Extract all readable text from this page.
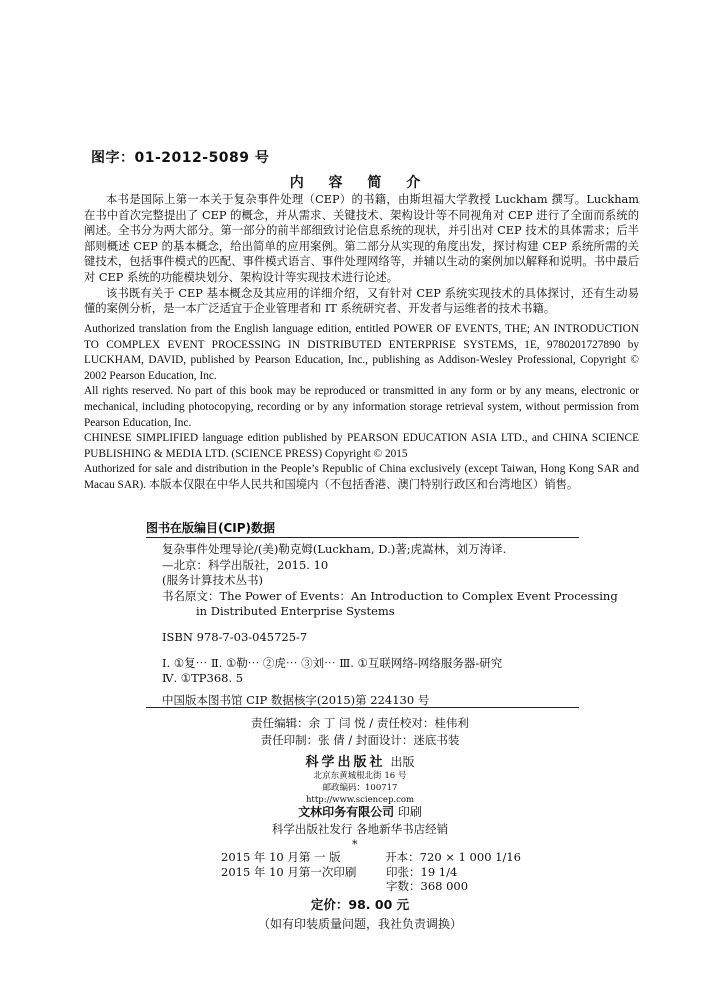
图字：01-2012-5089 号
内 容 简 介

本书是国际上第一本关于复杂事件处理（CEP）的书籍，由斯坦福大学教授 Luckham 撰写。Luckham 在书中首次完整提出了 CEP 的概念，并从需求、关键技术、架构设计等不同视角对 CEP 进行了全面而系统的阐述。全书分为两大部分。第一部分的前半部细致讨论信息系统的现状，并引出对 CEP 技术的具体需求；后半部则概述 CEP 的基本概念，给出简单的应用案例。第二部分从实现的角度出发，探讨构建 CEP 系统所需的关键技术，包括事件模式的匹配、事件模式语言、事件处理网络等，并辅以生动的案例加以解释和说明。书中最后对 CEP 系统的功能模块划分、架构设计等实现技术进行论述。

该书既有关于 CEP 基本概念及其应用的详细介绍，又有针对 CEP 系统实现技术的具体探讨，还有生动易懂的案例分析，是一本广泛适宜于企业管理者和 IT 系统研究者、开发者与运维者的技术书籍。

Authorized translation from the English language edition, entitled POWER OF EVENTS, THE; AN INTRODUCTION TO COMPLEX EVENT PROCESSING IN DISTRIBUTED ENTERPRISE SYSTEMS, 1E, 9780201727890 by LUCKHAM, DAVID, published by Pearson Education, Inc., publishing as Addison-Wesley Professional, Copyright © 2002 Pearson Education, Inc.

All rights reserved. No part of this book may be reproduced or transmitted in any form or by any means, electronic or mechanical, including photocopying, recording or by any information storage retrieval system, without permission from Pearson Education, Inc.

CHINESE SIMPLIFIED language edition published by PEARSON EDUCATION ASIA LTD., and CHINA SCIENCE PUBLISHING & MEDIA LTD. (SCIENCE PRESS) Copyright © 2015

Authorized for sale and distribution in the People’s Republic of China exclusively (except Taiwan, Hong Kong SAR and Macau SAR). 本版本仅限在中华人民共和国境内（不包括香港、澳门特别行政区和台湾地区）销售。

图书在版编目(CIP)数据
复杂事件处理导论/(美)勒克姆(Luckham, D.)著;虎嵩林，刘万涛译.
—北京：科学出版社，2015. 10
(服务计算技术丛书)
书名原文：The Power of Events：An Introduction to Complex Event Processing
in Distributed Enterprise Systems
ISBN 978-7-03-045725-7
Ⅰ. ①复⋯ Ⅱ. ①勒⋯ ②虎⋯ ③刘⋯ Ⅲ. ①互联网络-网络服务器-研究
Ⅳ. ①TP368. 5
中国版本图书馆 CIP 数据核字(2015)第 224130 号
责任编辑：余 丁 闫 悦 / 责任校对：桂伟利
责任印制：张 倩 / 封面设计：迷底书装
科学出版社 出版
北京东黄城根北街 16 号
邮政编码：100717
http://www.sciencep.com
文林印务有限公司 印刷
科学出版社发行 各地新华书店经销
*
2015 年 10 月第 一 版	开本：720 × 1 000 1/16
2015 年 10 月第一次印刷	印张：19 1/4
字数：368 000
定价：98. 00 元
（如有印装质量问题，我社负责调换）
